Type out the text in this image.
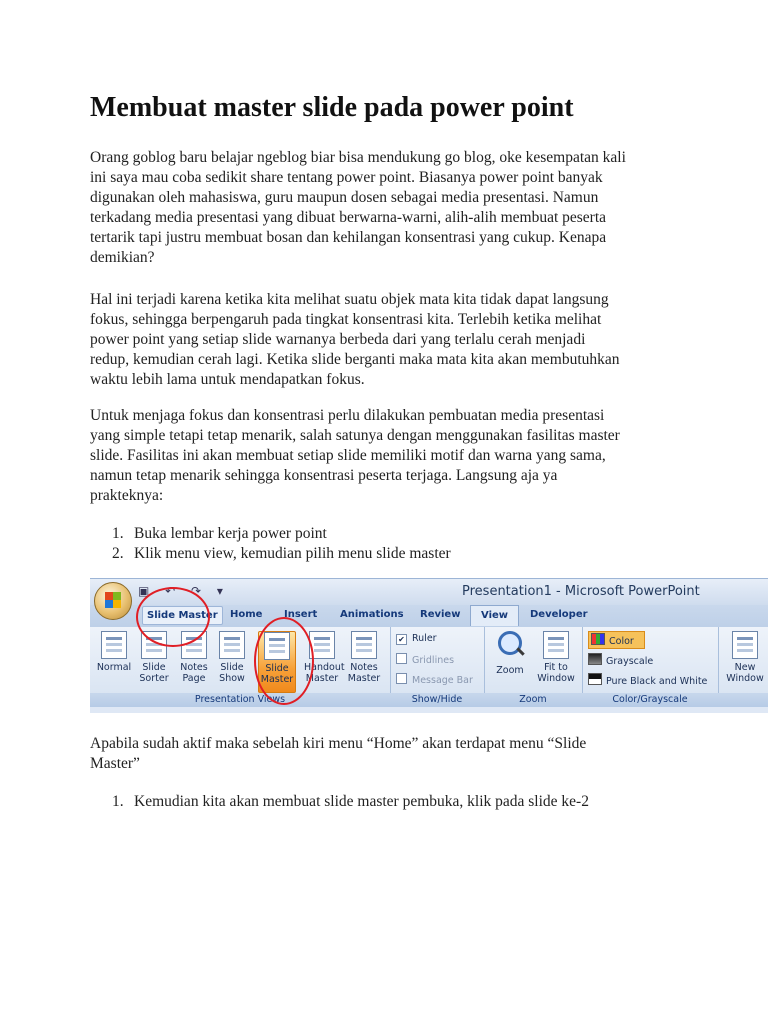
Membuat master slide pada power point

Orang goblog baru belajar ngeblog biar bisa mendukung go blog, oke kesempatan kali
ini saya mau coba sedikit share tentang power point. Biasanya power point banyak
digunakan oleh mahasiswa, guru maupun dosen sebagai media presentasi. Namun
terkadang media presentasi yang dibuat berwarna-warni, alih-alih membuat peserta
tertarik tapi justru membuat bosan dan kehilangan konsentrasi yang cukup. Kenapa
demikian?

Hal ini terjadi karena ketika kita melihat suatu objek mata kita tidak dapat langsung
fokus, sehingga berpengaruh pada tingkat konsentrasi kita. Terlebih ketika melihat
power point yang setiap slide warnanya berbeda dari yang terlalu cerah menjadi
redup, kemudian cerah lagi. Ketika slide berganti maka mata kita akan membutuhkan
waktu lebih lama untuk mendapatkan fokus.

Untuk menjaga fokus dan konsentrasi perlu dilakukan pembuatan media presentasi
yang simple tetapi tetap menarik, salah satunya dengan menggunakan fasilitas master
slide. Fasilitas ini akan membuat setiap slide memiliki motif dan warna yang sama,
namun tetap menarik sehingga konsentrasi peserta terjaga. Langsung aja ya
prakteknya:

1. Buka lembar kerja power point
2. Klik menu view, kemudian pilih menu slide master
▣ ↶ ↷ ▾	Presentation1 - Microsoft PowerPoint
Slide Master	Home Insert Animations Review	View	Developer
Normal	Slide Sorter
Notes Page
Slide Show
Slide Master
Handout Master
Notes Master
Presentation Views
✔ Ruler
Gridlines
Message Bar
Show/Hide
Zoom	Fit to Window
Zoom
Color
Grayscale
Pure Black and White
Color/Grayscale
New Window

Apabila sudah aktif maka sebelah kiri menu “Home” akan terdapat menu “Slide
Master”

1. Kemudian kita akan membuat slide master pembuka, klik pada slide ke-2
